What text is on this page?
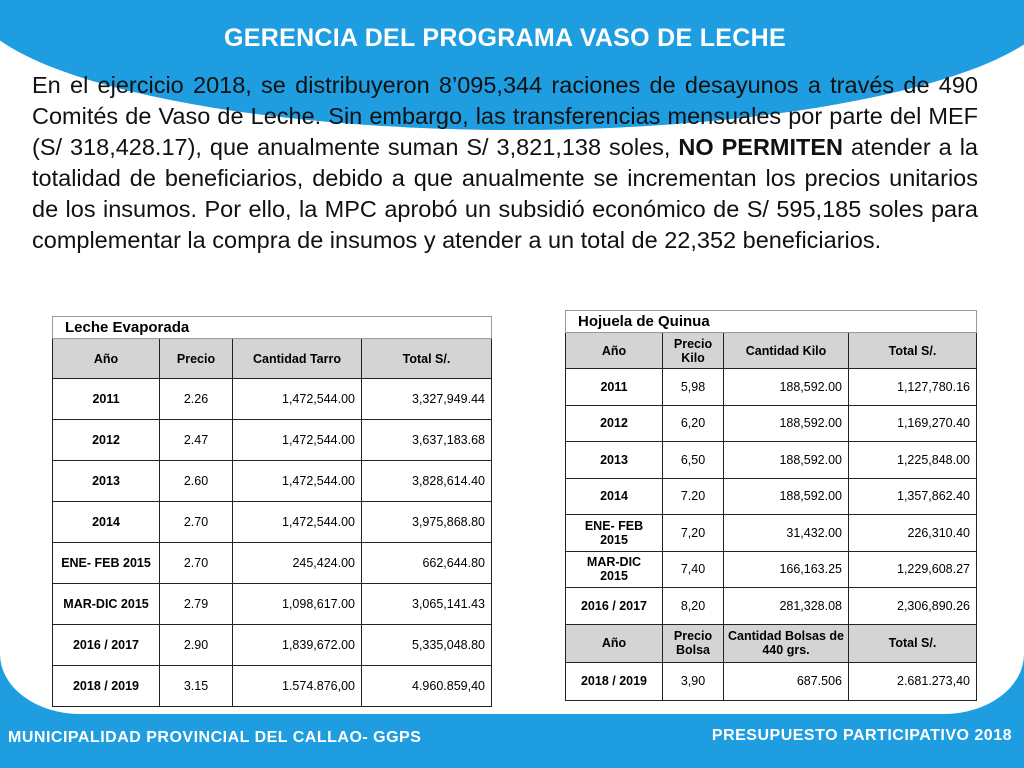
GERENCIA DEL PROGRAMA VASO DE LECHE
En el ejercicio 2018, se distribuyeron 8’095,344 raciones de desayunos a través de 490 Comités de Vaso de Leche. Sin embargo, las transferencias mensuales por parte del MEF (S/ 318,428.17), que anualmente suman S/ 3,821,138 soles, NO PERMITEN atender a la totalidad de beneficiarios, debido a que anualmente se incrementan los precios unitarios de los insumos. Por ello, la MPC aprobó un subsidió económico de S/ 595,185 soles para complementar la compra de insumos y atender a un total de 22,352 beneficiarios.
Leche Evaporada			
Año	Precio	Cantidad Tarro	Total S/.
2011	2.26	1,472,544.00	3,327,949.44
2012	2.47	1,472,544.00	3,637,183.68
2013	2.60	1,472,544.00	3,828,614.40
2014	2.70	1,472,544.00	3,975,868.80
ENE- FEB 2015	2.70	245,424.00	662,644.80
MAR-DIC 2015	2.79	1,098,617.00	3,065,141.43
2016 / 2017	2.90	1,839,672.00	5,335,048.80
2018 / 2019	3.15	1.574.876,00	4.960.859,40
Hojuela de Quinua			
Año	Precio Kilo	Cantidad Kilo	Total S/.
2011	5,98	188,592.00	1,127,780.16
2012	6,20	188,592.00	1,169,270.40
2013	6,50	188,592.00	1,225,848.00
2014	7.20	188,592.00	1,357,862.40
ENE- FEB 2015	7,20	31,432.00	226,310.40
MAR-DIC 2015	7,40	166,163.25	1,229,608.27
2016 / 2017	8,20	281,328.08	2,306,890.26
Año	Precio Bolsa	Cantidad Bolsas de 440 grs.	Total S/.
2018 / 2019	3,90	687.506	2.681.273,40
MUNICIPALIDAD PROVINCIAL DEL CALLAO- GGPS	PRESUPUESTO PARTICIPATIVO 2018
